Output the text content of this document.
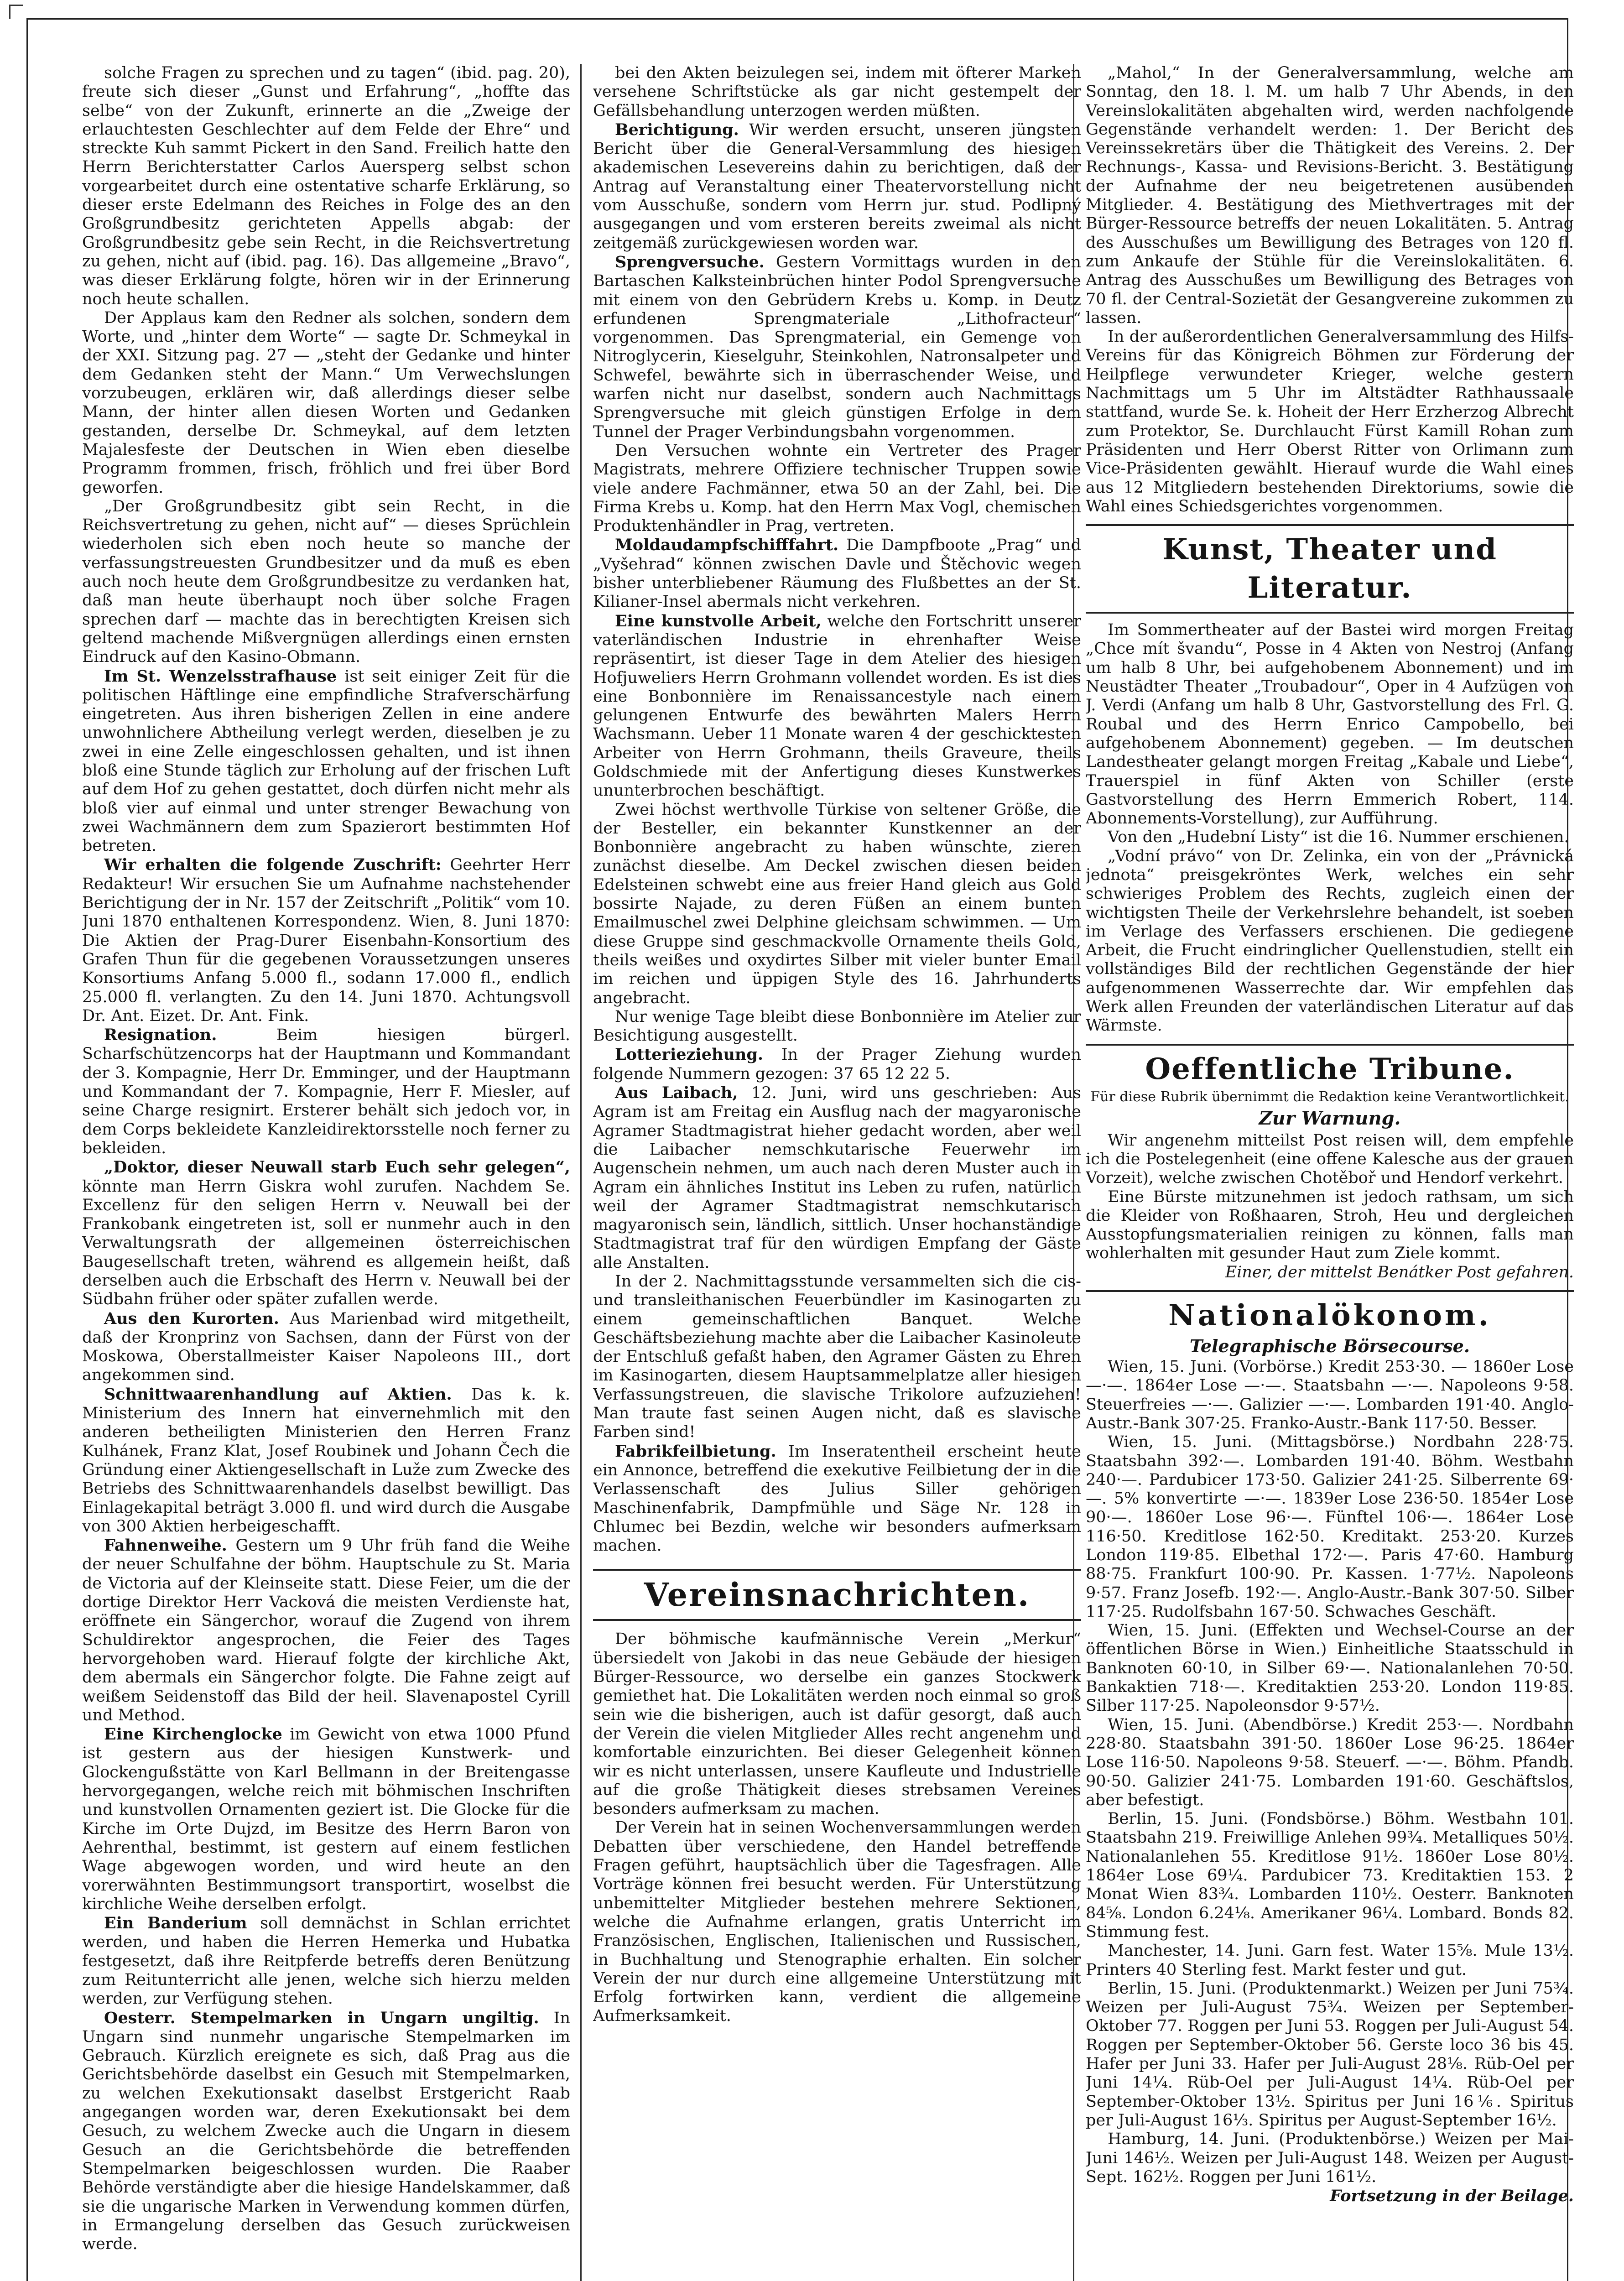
solche Fragen zu sprechen und zu tagen“ (ibid. pag. 20), freute sich dieser „Gunst und Erfahrung“, „hoffte das selbe“ von der Zukunft, erinnerte an die „Zweige der erlauchtesten Geschlechter auf dem Felde der Ehre“ und streckte Kuh sammt Pickert in den Sand. Freilich hatte den Herrn Berichterstatter Carlos Auersperg selbst schon vorgearbeitet durch eine ostentative scharfe Erklärung, so dieser erste Edelmann des Reiches in Folge des an den Großgrundbesitz gerichteten Appells abgab: der Großgrundbesitz gebe sein Recht, in die Reichsvertretung zu gehen, nicht auf (ibid. pag. 16). Das allgemeine „Bravo“, was dieser Erklärung folgte, hören wir in der Erinnerung noch heute schallen.

Der Applaus kam den Redner als solchen, sondern dem Worte, und „hinter dem Worte“ — sagte Dr. Schmeykal in der XXI. Sitzung pag. 27 — „steht der Gedanke und hinter dem Gedanken steht der Mann.“ Um Verwechslungen vorzubeugen, erklären wir, daß allerdings dieser selbe Mann, der hinter allen diesen Worten und Gedanken gestanden, derselbe Dr. Schmeykal, auf dem letzten Majalesfeste der Deutschen in Wien eben dieselbe Programm frommen, frisch, fröhlich und frei über Bord geworfen.

„Der Großgrundbesitz gibt sein Recht, in die Reichsvertretung zu gehen, nicht auf“ — dieses Sprüchlein wiederholen sich eben noch heute so manche der verfassungstreuesten Grundbesitzer und da muß es eben auch noch heute dem Großgrundbesitze zu verdanken hat, daß man heute überhaupt noch über solche Fragen sprechen darf — machte das in berechtigten Kreisen sich geltend machende Mißvergnügen allerdings einen ernsten Eindruck auf den Kasino-Obmann.

Im St. Wenzelsstrafhause ist seit einiger Zeit für die politischen Häftlinge eine empfindliche Strafverschärfung eingetreten. Aus ihren bisherigen Zellen in eine andere unwohnlichere Abtheilung verlegt werden, dieselben je zu zwei in eine Zelle eingeschlossen gehalten, und ist ihnen bloß eine Stunde täglich zur Erholung auf der frischen Luft auf dem Hof zu gehen gestattet, doch dürfen nicht mehr als bloß vier auf einmal und unter strenger Bewachung von zwei Wachmännern dem zum Spazierort bestimmten Hof betreten.

Wir erhalten die folgende Zuschrift: Geehrter Herr Redakteur! Wir ersuchen Sie um Aufnahme nachstehender Berichtigung der in Nr. 157 der Zeitschrift „Politik“ vom 10. Juni 1870 enthaltenen Korrespondenz. Wien, 8. Juni 1870: Die Aktien der Prag-Durer Eisenbahn-Konsortium des Grafen Thun für die gegebenen Voraussetzungen unseres Konsortiums Anfang 5.000 fl., sodann 17.000 fl., endlich 25.000 fl. verlangten. Zu den 14. Juni 1870. Achtungsvoll Dr. Ant. Eizet. Dr. Ant. Fink.

Resignation.	Beim hiesigen bürgerl. Scharfschützencorps hat der Hauptmann und Kommandant der 3. Kompagnie, Herr Dr. Emminger, und der Hauptmann und Kommandant der 7. Kompagnie, Herr F. Miesler, auf seine Charge resignirt. Ersterer behält sich jedoch vor, in dem Corps bekleidete Kanzleidirektorsstelle noch ferner zu bekleiden.

„Doktor, dieser Neuwall starb Euch sehr gelegen“, könnte man Herrn Giskra wohl zurufen. Nachdem Se. Excellenz für den seligen Herrn v. Neuwall bei der Frankobank eingetreten ist, soll er nunmehr auch in den Verwaltungsrath der allgemeinen österreichischen Baugesellschaft treten, während es allgemein heißt, daß derselben auch die Erbschaft des Herrn v. Neuwall bei der Südbahn früher oder später zufallen werde.

Aus den Kurorten. Aus Marienbad wird mitgetheilt, daß der Kronprinz von Sachsen, dann der Fürst von der Moskowa, Oberstallmeister Kaiser Napoleons III., dort angekommen sind.

Schnittwaarenhandlung auf Aktien. Das k. k. Ministerium des Innern hat einvernehmlich mit den anderen betheiligten Ministerien den Herren Franz Kulhánek, Franz Klat, Josef Roubinek und Johann Čech die Gründung einer Aktiengesellschaft in Luže zum Zwecke des Betriebs des Schnittwaarenhandels daselbst bewilligt. Das Einlagekapital beträgt 3.000 fl. und wird durch die Ausgabe von 300 Aktien herbeigeschafft.

Fahnenweihe. Gestern um 9 Uhr früh fand die Weihe der neuer Schulfahne der böhm. Hauptschule zu St. Maria de Victoria auf der Kleinseite statt. Diese Feier, um die der dortige Direktor Herr Vacková die meisten Verdienste hat, eröffnete ein Sängerchor, worauf die Zugend von ihrem Schuldirektor angesprochen, die Feier des Tages hervorgehoben ward. Hierauf folgte der kirchliche Akt, dem abermals ein Sängerchor folgte. Die Fahne zeigt auf weißem Seidenstoff das Bild der heil. Slavenapostel Cyrill und Method.

Eine Kirchenglocke im Gewicht von etwa 1000 Pfund ist gestern aus der hiesigen Kunstwerk- und Glockengußstätte von Karl Bellmann in der Breitengasse hervorgegangen, welche reich mit böhmischen Inschriften und kunstvollen Ornamenten geziert ist. Die Glocke für die Kirche im Orte Dujzd, im Besitze des Herrn Baron von Aehrenthal, bestimmt, ist gestern auf einem festlichen Wage abgewogen worden, und wird heute an den vorerwähnten Bestimmungsort transportirt, woselbst die kirchliche Weihe derselben erfolgt.

Ein Banderium soll demnächst in Schlan errichtet werden, und haben die Herren Hemerka und Hubatka festgesetzt, daß ihre Reitpferde betreffs deren Benützung zum Reitunterricht alle jenen, welche sich hierzu melden werden, zur Verfügung stehen.

Oesterr. Stempelmarken in Ungarn ungiltig. In Ungarn sind nunmehr ungarische Stempelmarken im Gebrauch. Kürzlich ereignete es sich, daß Prag aus die Gerichtsbehörde daselbst ein Gesuch mit Stempelmarken, zu welchen Exekutionsakt daselbst Erstgericht Raab angegangen worden war, deren Exekutionsakt bei dem Gesuch, zu welchem Zwecke auch die Ungarn in diesem Gesuch an die Gerichtsbehörde die betreffenden Stempelmarken beigeschlossen wurden. Die Raaber Behörde verständigte aber die hiesige Handelskammer, daß sie die ungarische Marken in Verwendung kommen dürfen, in Ermangelung derselben das Gesuch zurückweisen werde.

bei den Akten beizulegen sei, indem mit öfterer Marken versehene Schriftstücke als gar nicht gestempelt der Gefällsbehandlung unterzogen werden müßten.

Berichtigung. Wir werden ersucht, unseren jüngsten Bericht über die General-Versammlung des hiesigen akademischen Lesevereins dahin zu berichtigen, daß der Antrag auf Veranstaltung einer Theatervorstellung nicht vom Ausschuße, sondern vom Herrn jur. stud. Podlipný ausgegangen und vom ersteren bereits zweimal als nicht zeitgemäß zurückgewiesen worden war.

Sprengversuche. Gestern Vormittags wurden in den Bartaschen Kalksteinbrüchen hinter Podol Sprengversuche mit einem von den Gebrüdern Krebs u. Komp. in Deutz erfundenen Sprengmateriale „Lithofracteur“ vorgenommen. Das Sprengmaterial, ein Gemenge von Nitroglycerin, Kieselguhr, Steinkohlen, Natronsalpeter und Schwefel, bewährte sich in überraschender Weise, und warfen nicht nur daselbst, sondern auch Nachmittags Sprengversuche mit gleich günstigen Erfolge in dem Tunnel der Prager Verbindungsbahn vorgenommen.

Den Versuchen wohnte ein Vertreter des Prager Magistrats, mehrere Offiziere technischer Truppen sowie viele andere Fachmänner, etwa 50 an der Zahl, bei. Die Firma Krebs u. Komp. hat den Herrn Max Vogl, chemischen Produktenhändler in Prag, vertreten.

Moldaudampfschifffahrt. Die Dampfboote „Prag“ und „Vyšehrad“ können zwischen Davle und Štěchovic wegen bisher unterbliebener Räumung des Flußbettes an der St. Kilianer-Insel abermals nicht verkehren.

Eine kunstvolle Arbeit, welche den Fortschritt unserer vaterländischen Industrie in ehrenhafter Weise repräsentirt, ist dieser Tage in dem Atelier des hiesigen Hofjuweliers Herrn Grohmann vollendet worden. Es ist dies eine Bonbonnière im Renaissancestyle nach einem gelungenen Entwurfe des bewährten Malers Herrn Wachsmann. Ueber 11 Monate waren 4 der geschicktesten Arbeiter von Herrn Grohmann, theils Graveure, theils Goldschmiede mit der Anfertigung dieses Kunstwerkes ununterbrochen beschäftigt.

Zwei höchst werthvolle Türkise von seltener Größe, die der Besteller, ein bekannter Kunstkenner an der Bonbonnière angebracht zu haben wünschte, zieren zunächst dieselbe. Am Deckel zwischen diesen beiden Edelsteinen schwebt eine aus freier Hand gleich aus Gold bossirte Najade, zu deren Füßen an einem bunten Emailmuschel zwei Delphine gleichsam schwimmen. — Um diese Gruppe sind geschmackvolle Ornamente theils Gold, theils weißes und oxydirtes Silber mit vieler bunter Email im reichen und üppigen Style des 16. Jahrhunderts angebracht.

Nur wenige Tage bleibt diese Bonbonnière im Atelier zur Besichtigung ausgestellt.

Lotterieziehung. In der Prager Ziehung wurden folgende Nummern gezogen: 37 65 12 22 5.

Aus Laibach, 12. Juni, wird uns geschrieben: Aus Agram ist am Freitag ein Ausflug nach der magyaronische Agramer Stadtmagistrat hieher gedacht worden, aber weil die Laibacher nemschkutarische Feuerwehr im Augenschein nehmen, um auch nach deren Muster auch in Agram ein ähnliches Institut ins Leben zu rufen, natürlich weil der Agramer Stadtmagistrat nemschkutarisch magyaronisch sein, ländlich, sittlich. Unser hochanständige Stadtmagistrat traf für den würdigen Empfang der Gäste alle Anstalten.

In der 2. Nachmittagsstunde versammelten sich die cis- und transleithanischen Feuerbündler im Kasinogarten zu einem gemeinschaftlichen Banquet. Welche Geschäftsbeziehung machte aber die Laibacher Kasinoleute der Entschluß gefaßt haben, den Agramer Gästen zu Ehren im Kasinogarten, diesem Hauptsammelplatze aller hiesigen Verfassungstreuen, die slavische Trikolore aufzuziehen! Man traute fast seinen Augen nicht, daß es slavische Farben sind!

Fabrikfeilbietung. Im Inseratentheil erscheint heute ein Annonce, betreffend die exekutive Feilbietung der in die Verlassenschaft des Julius Siller gehörigen Maschinenfabrik, Dampfmühle und Säge Nr. 128 in Chlumec bei Bezdin, welche wir besonders aufmerksam machen.

Vereinsnachrichten.

Der böhmische kaufmännische Verein „Merkur“ übersiedelt von Jakobi in das neue Gebäude der hiesigen Bürger-Ressource, wo derselbe ein ganzes Stockwerk gemiethet hat. Die Lokalitäten werden noch einmal so groß sein wie die bisherigen, auch ist dafür gesorgt, daß auch der Verein die vielen Mitglieder Alles recht angenehm und komfortable einzurichten. Bei dieser Gelegenheit können wir es nicht unterlassen, unsere Kaufleute und Industrielle auf die große Thätigkeit dieses strebsamen Vereines besonders aufmerksam zu machen.

Der Verein hat in seinen Wochenversammlungen werden Debatten über verschiedene, den Handel betreffende Fragen geführt, hauptsächlich über die Tagesfragen. Alle Vorträge können frei besucht werden. Für Unterstützung unbemittelter Mitglieder bestehen mehrere Sektionen, welche die Aufnahme erlangen, gratis Unterricht im Französischen, Englischen, Italienischen und Russischen, in Buchhaltung und Stenographie erhalten. Ein solcher Verein der nur durch eine allgemeine Unterstützung mit Erfolg fortwirken kann, verdient die allgemeine Aufmerksamkeit.

„Mahol,“ In der Generalversammlung, welche am Sonntag, den 18. l. M. um halb 7 Uhr Abends, in den Vereinslokalitäten abgehalten wird, werden nachfolgende Gegenstände verhandelt werden: 1. Der Bericht des Vereinssekretärs über die Thätigkeit des Vereins. 2. Der Rechnungs-, Kassa- und Revisions-Bericht. 3. Bestätigung der Aufnahme der neu beigetretenen ausübenden Mitglieder. 4. Bestätigung des Miethvertrages mit der Bürger-Ressource betreffs der neuen Lokalitäten. 5. Antrag des Ausschußes um Bewilligung des Betrages von 120 fl. zum Ankaufe der Stühle für die Vereinslokalitäten. 6. Antrag des Ausschußes um Bewilligung des Betrages von 70 fl. der Central-Sozietät der Gesangvereine zukommen zu lassen.

In der außerordentlichen Generalversammlung des Hilfs-Vereins für das Königreich Böhmen zur Förderung der Heilpflege verwundeter Krieger, welche gestern Nachmittags um 5 Uhr im Altstädter Rathhaussaale stattfand, wurde Se. k. Hoheit der Herr Erzherzog Albrecht zum Protektor, Se. Durchlaucht Fürst Kamill Rohan zum Präsidenten und Herr Oberst Ritter von Orlimann zum Vice-Präsidenten gewählt. Hierauf wurde die Wahl eines aus 12 Mitgliedern bestehenden Direktoriums, sowie die Wahl eines Schiedsgerichtes vorgenommen.

Kunst, Theater und Literatur.

Im Sommertheater auf der Bastei wird morgen Freitag „Chce mít švandu“, Posse in 4 Akten von Nestroj (Anfang um halb 8 Uhr, bei aufgehobenem Abonnement) und im Neustädter Theater „Troubadour“, Oper in 4 Aufzügen von J. Verdi (Anfang um halb 8 Uhr, Gastvorstellung des Frl. G. Roubal und des Herrn Enrico Campobello, bei aufgehobenem Abonnement) gegeben. — Im deutschen Landestheater gelangt morgen Freitag „Kabale und Liebe“, Trauerspiel in fünf Akten von Schiller (erste Gastvorstellung des Herrn Emmerich Robert, 114. Abonnements-Vorstellung), zur Aufführung.

Von den „Hudební Listy“ ist die 16. Nummer erschienen.

„Vodní právo“ von Dr. Zelinka, ein von der „Právnická jednota“ preisgekröntes Werk, welches ein sehr schwieriges Problem des Rechts, zugleich einen der wichtigsten Theile der Verkehrslehre behandelt, ist soeben im Verlage des Verfassers erschienen. Die gediegene Arbeit, die Frucht eindringlicher Quellenstudien, stellt ein vollständiges Bild der rechtlichen Gegenstände der hier aufgenommenen Wasserrechte dar. Wir empfehlen das Werk allen Freunden der vaterländischen Literatur auf das Wärmste.

Oeffentliche Tribune.

Für diese Rubrik übernimmt die Redaktion keine Verantwortlichkeit.

Zur Warnung.

Wir angenehm mitteilst Post reisen will, dem empfehle ich die Postelegenheit (eine offene Kalesche aus der grauen Vorzeit), welche zwischen Chotěboř und Hendorf verkehrt.

Eine Bürste mitzunehmen ist jedoch rathsam, um sich die Kleider von Roßhaaren, Stroh, Heu und dergleichen Ausstopfungsmaterialien reinigen zu können, falls man wohlerhalten mit gesunder Haut zum Ziele kommt.

Einer, der mittelst Benátker Post gefahren.

Nationalökonom.

Telegraphische Börsecourse.

Wien, 15. Juni. (Vorbörse.) Kredit 253·30. — 1860er Lose —·—. 1864er Lose —·—. Staatsbahn —·—. Napoleons 9·58. Steuerfreies —·—. Galizier —·—. Lombarden 191·40. Anglo-Austr.-Bank 307·25. Franko-Austr.-Bank 117·50. Besser.

Wien, 15. Juni. (Mittagsbörse.) Nordbahn 228·75. Staatsbahn 392·—. Lombarden 191·40. Böhm. Westbahn 240·—. Pardubicer 173·50. Galizier 241·25. Silberrente 69·—. 5% konvertirte —·—. 1839er Lose 236·50. 1854er Lose 90·—. 1860er Lose 96·—. Fünftel 106·—. 1864er Lose 116·50. Kreditlose 162·50. Kreditakt. 253·20. Kurzes London 119·85. Elbethal 172·—. Paris 47·60. Hamburg 88·75. Frankfurt 100·90. Pr. Kassen. 1·77½. Napoleons 9·57. Franz Josefb. 192·—. Anglo-Austr.-Bank 307·50. Silber 117·25. Rudolfsbahn 167·50. Schwaches Geschäft.

Wien, 15. Juni. (Effekten und Wechsel-Course an der öffentlichen Börse in Wien.) Einheitliche Staatsschuld in Banknoten 60·10, in Silber 69·—. Nationalanlehen 70·50. Bankaktien 718·—. Kreditaktien 253·20. London 119·85. Silber 117·25. Napoleonsdor 9·57½.

Wien, 15. Juni. (Abendbörse.) Kredit 253·—. Nordbahn 228·80. Staatsbahn 391·50. 1860er Lose 96·25. 1864er Lose 116·50. Napoleons 9·58. Steuerf. —·—. Böhm. Pfandb. 90·50. Galizier 241·75. Lombarden 191·60. Geschäftslos, aber befestigt.

Berlin, 15. Juni. (Fondsbörse.) Böhm. Westbahn 101. Staatsbahn 219. Freiwillige Anlehen 99¾. Metalliques 50½. Nationalanlehen 55. Kreditlose 91½. 1860er Lose 80½. 1864er Lose 69¼. Pardubicer 73. Kreditaktien 153. 2 Monat Wien 83¾. Lombarden 110½. Oesterr. Banknoten 84⅝. London 6.24⅛. Amerikaner 96¼. Lombard. Bonds 82. Stimmung fest.

Manchester, 14. Juni. Garn fest. Water 15⅝. Mule 13½. Printers 40 Sterling fest. Markt fester und gut.

Berlin, 15. Juni. (Produktenmarkt.) Weizen per Juni 75¾. Weizen per Juli-August 75¾. Weizen per September-Oktober 77. Roggen per Juni 53. Roggen per Juli-August 54. Roggen per September-Oktober 56. Gerste loco 36 bis 45. Hafer per Juni 33. Hafer per Juli-August 28⅛. Rüb-Oel per Juni 14¼. Rüb-Oel per Juli-August 14¼. Rüb-Oel per September-Oktober 13½. Spiritus per Juni 16⅙. Spiritus per Juli-August 16⅓. Spiritus per August-September 16½.

Hamburg, 14. Juni. (Produktenbörse.) Weizen per Mai-Juni 146½. Weizen per Juli-August 148. Weizen per August-Sept. 162½. Roggen per Juni 161½.

Fortsetzung in der Beilage.
